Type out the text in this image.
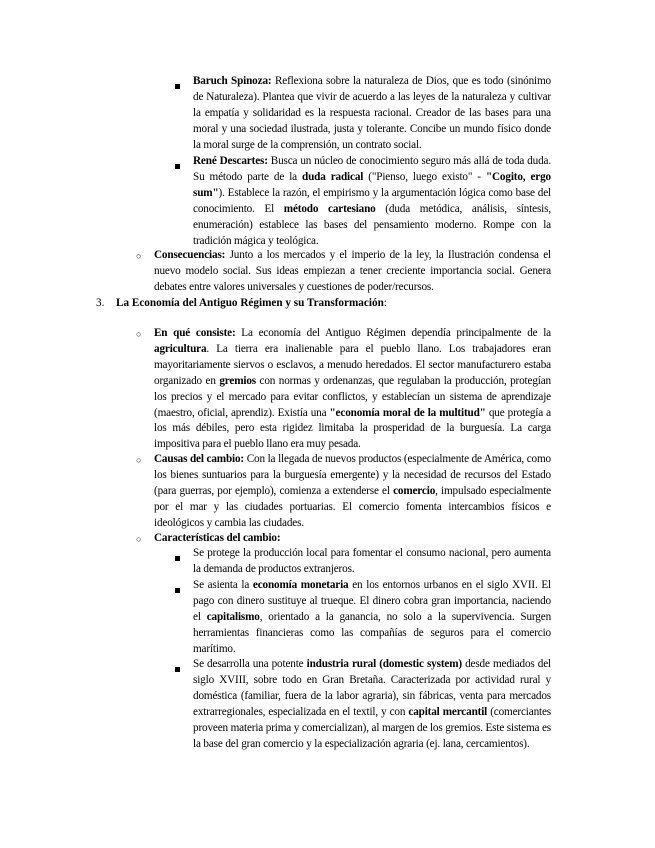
Baruch Spinoza: Reflexiona sobre la naturaleza de Dios, que es todo (sinónimo de Naturaleza). Plantea que vivir de acuerdo a las leyes de la naturaleza y cultivar la empatía y solidaridad es la respuesta racional. Creador de las bases para una moral y una sociedad ilustrada, justa y tolerante. Concibe un mundo físico donde la moral surge de la comprensión, un contrato social.
René Descartes: Busca un núcleo de conocimiento seguro más allá de toda duda. Su método parte de la duda radical ("Pienso, luego existo" - "Cogito, ergo sum"). Establece la razón, el empirismo y la argumentación lógica como base del conocimiento. El método cartesiano (duda metódica, análisis, síntesis, enumeración) establece las bases del pensamiento moderno. Rompe con la tradición mágica y teológica.
○ Consecuencias: Junto a los mercados y el imperio de la ley, la Ilustración condensa el nuevo modelo social. Sus ideas empiezan a tener creciente importancia social. Genera debates entre valores universales y cuestiones de poder/recursos.
3. La Economía del Antiguo Régimen y su Transformación:
○ En qué consiste: La economía del Antiguo Régimen dependía principalmente de la agricultura. La tierra era inalienable para el pueblo llano. Los trabajadores eran mayoritariamente siervos o esclavos, a menudo heredados. El sector manufacturero estaba organizado en gremios con normas y ordenanzas, que regulaban la producción, protegían los precios y el mercado para evitar conflictos, y establecían un sistema de aprendizaje (maestro, oficial, aprendiz). Existía una "economía moral de la multitud" que protegía a los más débiles, pero esta rigidez limitaba la prosperidad de la burguesía. La carga impositiva para el pueblo llano era muy pesada.
○ Causas del cambio: Con la llegada de nuevos productos (especialmente de América, como los bienes suntuarios para la burguesía emergente) y la necesidad de recursos del Estado (para guerras, por ejemplo), comienza a extenderse el comercio, impulsado especialmente por el mar y las ciudades portuarias. El comercio fomenta intercambios físicos e ideológicos y cambia las ciudades.
○ Características del cambio:
Se protege la producción local para fomentar el consumo nacional, pero aumenta la demanda de productos extranjeros.
Se asienta la economía monetaria en los entornos urbanos en el siglo XVII. El pago con dinero sustituye al trueque. El dinero cobra gran importancia, naciendo el capitalismo, orientado a la ganancia, no solo a la supervivencia. Surgen herramientas financieras como las compañías de seguros para el comercio marítimo.
Se desarrolla una potente industria rural (domestic system) desde mediados del siglo XVIII, sobre todo en Gran Bretaña. Caracterizada por actividad rural y doméstica (familiar, fuera de la labor agraria), sin fábricas, venta para mercados extrarregionales, especializada en el textil, y con capital mercantil (comerciantes proveen materia prima y comercializan), al margen de los gremios. Este sistema es la base del gran comercio y la especialización agraria (ej. lana, cercamientos).
